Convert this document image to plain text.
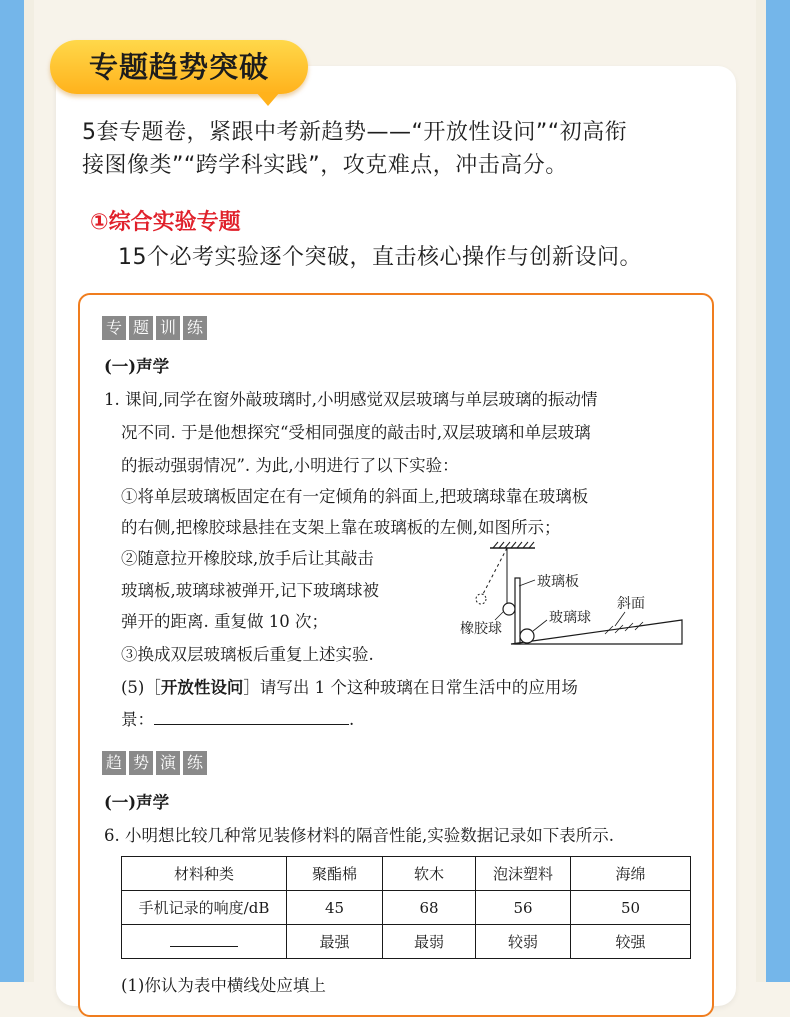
专题趋势突破
5套专题卷，紧跟中考新趋势——“开放性设问”“初高衔
接图像类”“跨学科实践”，攻克难点，冲击高分。
①综合实验专题
15个必考实验逐个突破，直击核心操作与创新设问。
专 题 训 练
(一)声学
1. 课间,同学在窗外敲玻璃时,小明感觉双层玻璃与单层玻璃的振动情
况不同. 于是他想探究“受相同强度的敲击时,双层玻璃和单层玻璃
的振动强弱情况”. 为此,小明进行了以下实验：
①将单层玻璃板固定在有一定倾角的斜面上,把玻璃球靠在玻璃板
的右侧,把橡胶球悬挂在支架上靠在玻璃板的左侧,如图所示；
②随意拉开橡胶球,放手后让其敲击
玻璃板,玻璃球被弹开,记下玻璃球被
弹开的距离. 重复做 10 次；
③换成双层玻璃板后重复上述实验.
(5)［开放性设问］请写出 1 个这种玻璃在日常生活中的应用场
景：	.
玻璃板
斜面
玻璃球
橡胶球
趋 势 演 练
(一)声学
6. 小明想比较几种常见装修材料的隔音性能,实验数据记录如下表所示.
材料种类	聚酯棉	软木	泡沫塑料	海绵
手机记录的响度/dB	45	68	56	50
	最强	最弱	较弱	较强
(1)你认为表中横线处应填上
